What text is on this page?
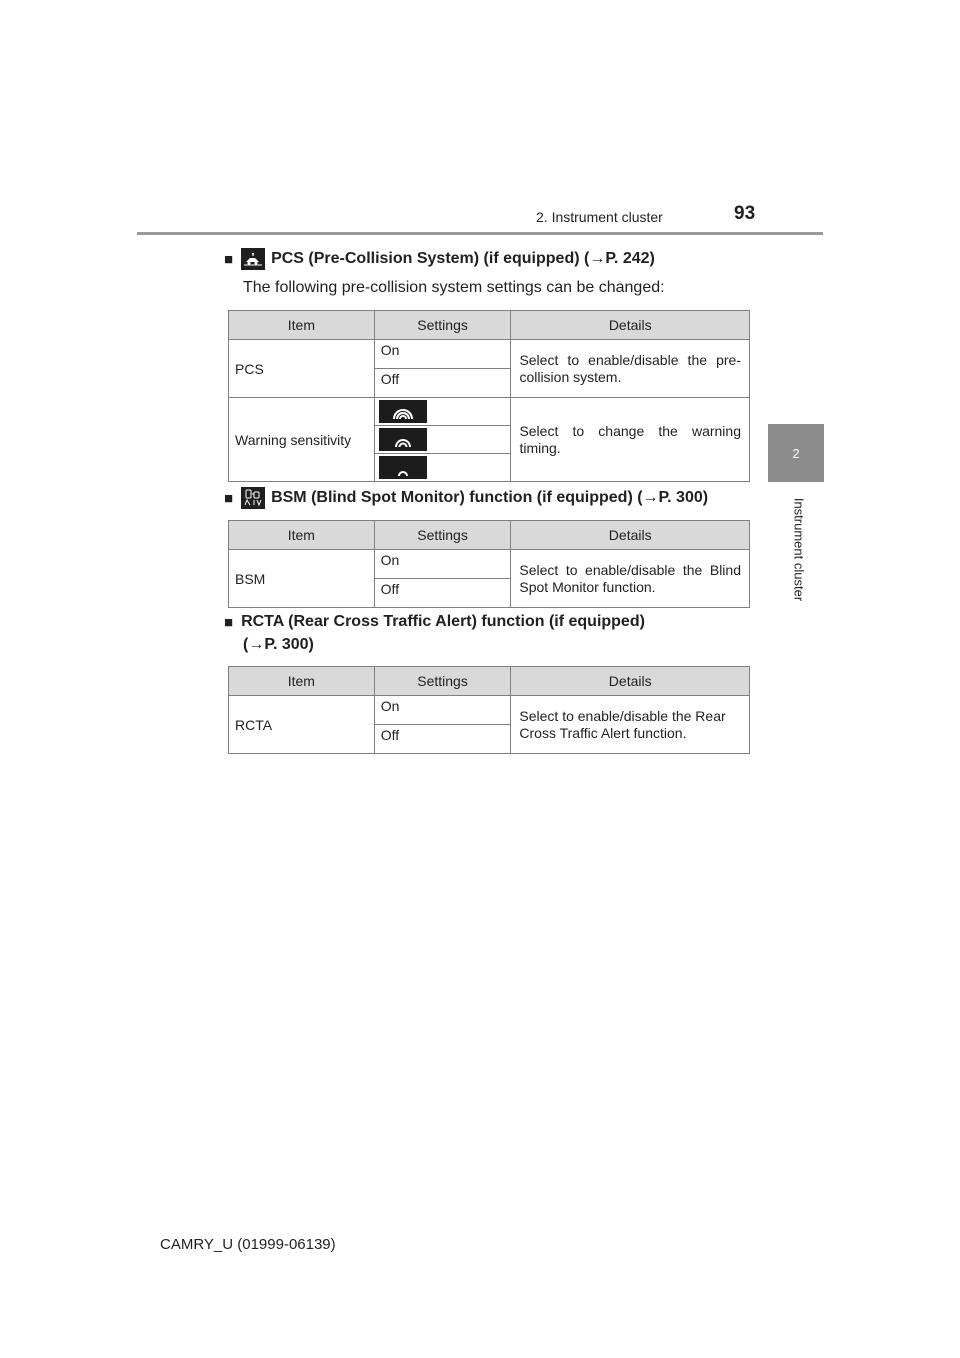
2. Instrument cluster	93
2
Instrument cluster
■ PCS (Pre-Collision System) (if equipped) (→P. 242)
The following pre-collision system settings can be changed:
Item	Settings	Details
PCS	On	Select to enable/disable the pre-collision system.
	Off	
Warning sensitivity		Select to change the warning timing.

■ BSM (Blind Spot Monitor) function (if equipped) (→P. 300)
Item	Settings	Details
BSM	On	Select to enable/disable the Blind Spot Monitor function.
	Off	
■ RCTA (Rear Cross Traffic Alert) function (if equipped)
(→P. 300)
Item	Settings	Details
RCTA	On	Select to enable/disable the Rear Cross Traffic Alert function.
	Off	
CAMRY_U (01999-06139)
